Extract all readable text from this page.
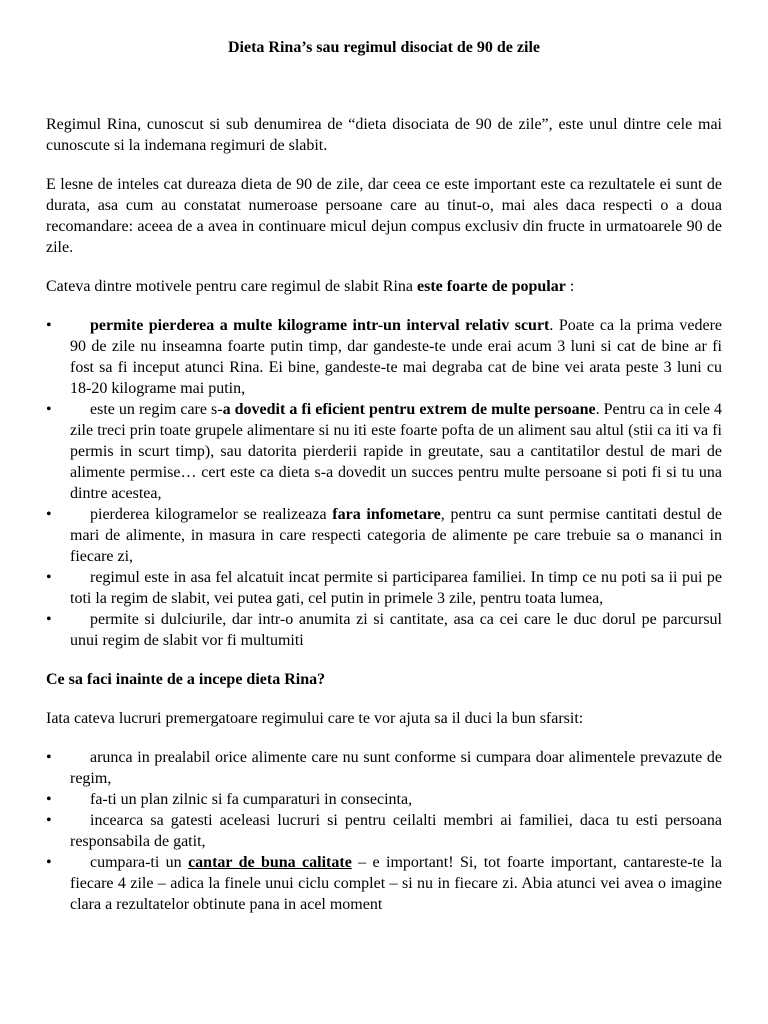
Dieta Rina’s sau regimul disociat de 90 de zile

Regimul Rina, cunoscut si sub denumirea de “dieta disociata de 90 de zile”, este unul dintre cele mai cunoscute si la indemana regimuri de slabit.

E lesne de inteles cat dureaza dieta de 90 de zile, dar ceea ce este important este ca rezultatele ei sunt de durata, asa cum au constatat numeroase persoane care au tinut-o, mai ales daca respecti o a doua recomandare: aceea de a avea in continuare micul dejun compus exclusiv din fructe in urmatoarele 90 de zile.

Cateva dintre motivele pentru care regimul de slabit Rina este foarte de popular :

• permite pierderea a multe kilograme intr-un interval relativ scurt. Poate ca la prima vedere 90 de zile nu inseamna foarte putin timp, dar gandeste-te unde erai acum 3 luni si cat de bine ar fi fost sa fi inceput atunci Rina. Ei bine, gandeste-te mai degraba cat de bine vei arata peste 3 luni cu 18-20 kilograme mai putin,
• este un regim care s-a dovedit a fi eficient pentru extrem de multe persoane. Pentru ca in cele 4 zile treci prin toate grupele alimentare si nu iti este foarte pofta de un aliment sau altul (stii ca iti va fi permis in scurt timp), sau datorita pierderii rapide in greutate, sau a cantitatilor destul de mari de alimente permise… cert este ca dieta s-a dovedit un succes pentru multe persoane si poti fi si tu una dintre acestea,
• pierderea kilogramelor se realizeaza fara infometare, pentru ca sunt permise cantitati destul de mari de alimente, in masura in care respecti categoria de alimente pe care trebuie sa o mananci in fiecare zi,
• regimul este in asa fel alcatuit incat permite si participarea familiei. In timp ce nu poti sa ii pui pe toti la regim de slabit, vei putea gati, cel putin in primele 3 zile, pentru toata lumea,
• permite si dulciurile, dar intr-o anumita zi si cantitate, asa ca cei care le duc dorul pe parcursul unui regim de slabit vor fi multumiti

Ce sa faci inainte de a incepe dieta Rina?

Iata cateva lucruri premergatoare regimului care te vor ajuta sa il duci la bun sfarsit:

• arunca in prealabil orice alimente care nu sunt conforme si cumpara doar alimentele prevazute de regim,
• fa-ti un plan zilnic si fa cumparaturi in consecinta,
• incearca sa gatesti aceleasi lucruri si pentru ceilalti membri ai familiei, daca tu esti persoana responsabila de gatit,
• cumpara-ti un cantar de buna calitate – e important! Si, tot foarte important, cantareste-te la fiecare 4 zile – adica la finele unui ciclu complet – si nu in fiecare zi. Abia atunci vei avea o imagine clara a rezultatelor obtinute pana in acel moment
